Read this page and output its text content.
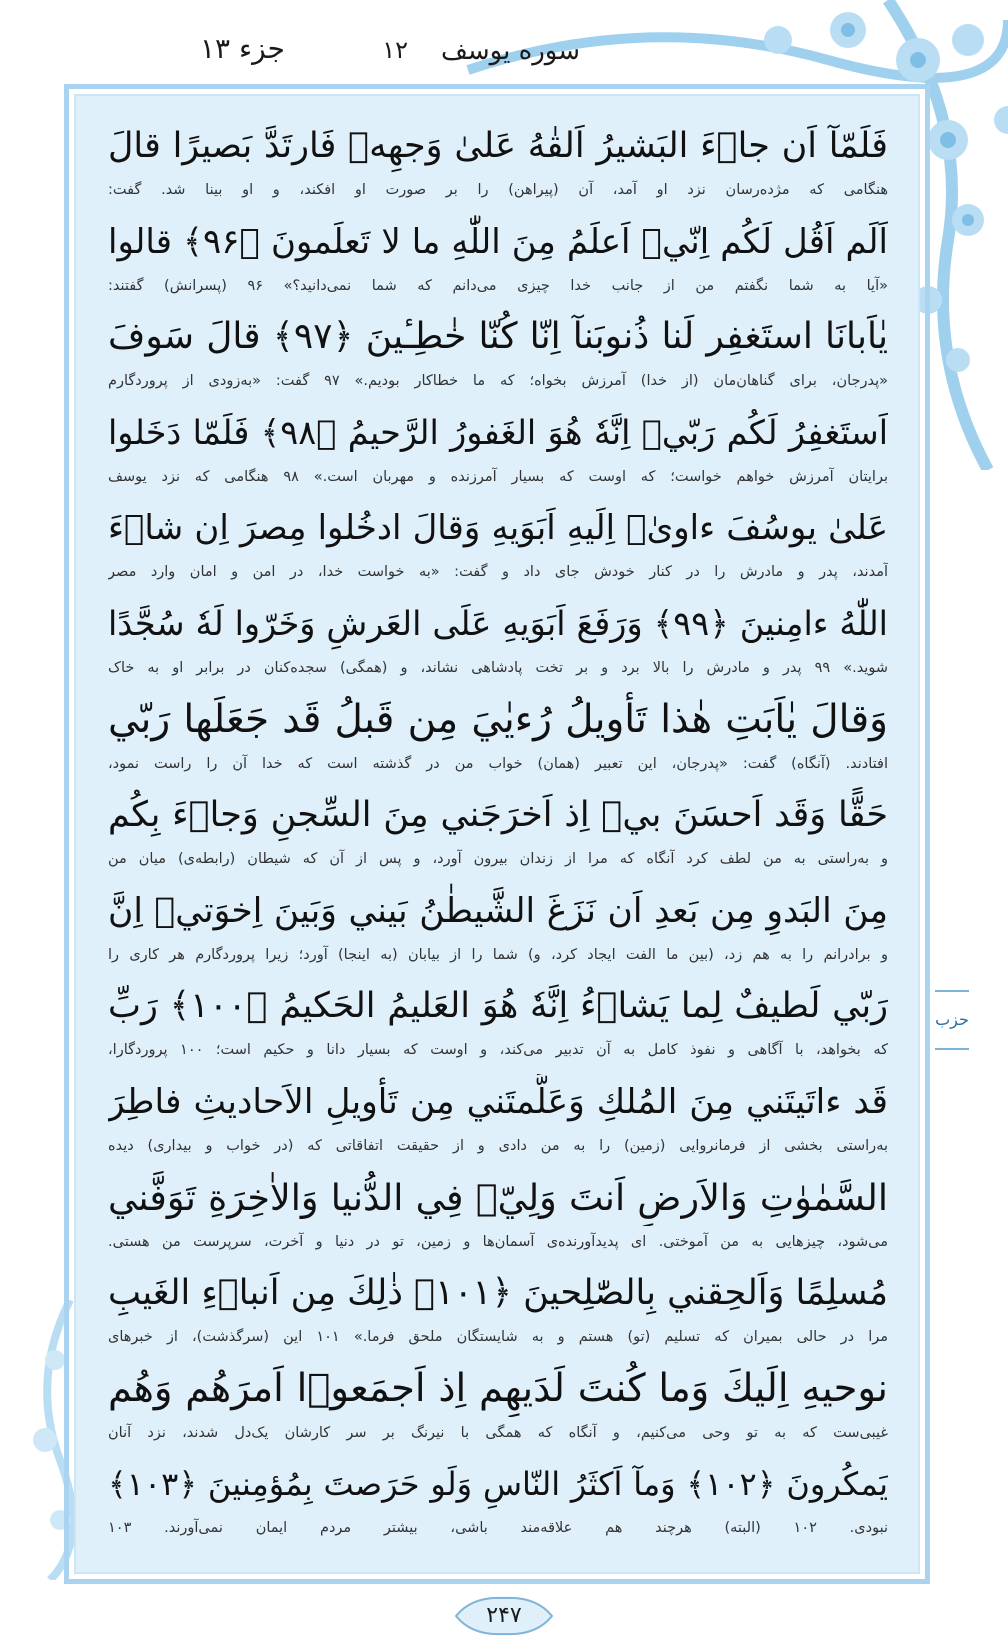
سوره یوسف
۱۲
جزء ۱۳
حزب
فَلَمّآ اَن جاۤءَ البَشيرُ اَلقٰهُ عَلىٰ وَجهِهٖ فَارتَدَّ بَصيرًا قالَ
هنگامی که مژده‌رسان نزد او آمد، آن (پیراهن) را بر صورت او افکند، و او بینا شد. گفت:
اَلَم اَقُل لَكُم اِنّيۤ اَعلَمُ مِنَ اللّٰهِ ما لا تَعلَمونَ ﴿۹۶﴾ قالوا
«آیا به شما نگفتم من از جانب خدا چیزی می‌دانم که شما نمی‌دانید؟» ۹۶ (پسرانش) گفتند:
يٰاَبانَا استَغفِر لَنا ذُنوبَنآ اِنّا كُنّا خٰطِـٔينَ ﴿۹۷﴾ قالَ سَوفَ
«پدرجان، برای گناهان‌مان (از خدا) آمرزش بخواه؛ که ما خطاکار بودیم.» ۹۷ گفت: «به‌زودی از پروردگارم
اَستَغفِرُ لَكُم رَبّيۤ اِنَّهٗ هُوَ الغَفورُ الرَّحيمُ ﴿۹۸﴾ فَلَمّا دَخَلوا
برایتان آمرزش خواهم خواست؛ که اوست که بسیار آمرزنده و مهربان است.» ۹۸ هنگامی که نزد یوسف
عَلىٰ يوسُفَ ءاوىٰۤ اِلَيهِ اَبَوَيهِ وَقالَ ادخُلوا مِصرَ اِن شاۤءَ
آمدند، پدر و مادرش را در کنار خودش جای داد و گفت: «به خواست خدا، در امن و امان وارد مصر
اللّٰهُ ءامِنينَ ﴿۹۹﴾ وَرَفَعَ اَبَوَيهِ عَلَى العَرشِ وَخَرّوا لَهٗ سُجَّدًا
شوید.» ۹۹ پدر و مادرش را بالا برد و بر تخت پادشاهی نشاند، و (همگی) سجده‌کنان در برابر او به خاک
وَقالَ يٰاَبَتِ هٰذا تَأويلُ رُءيٰيَ مِن قَبلُ قَد جَعَلَها رَبّي
افتادند. (آنگاه) گفت: «پدرجان، این تعبیر (همان) خواب من در گذشته است که خدا آن را راست نمود،
حَقًّا وَقَد اَحسَنَ بيۤ اِذ اَخرَجَني مِنَ السِّجنِ وَجاۤءَ بِكُم
و به‌راستی به من لطف کرد آنگاه که مرا از زندان بیرون آورد، و پس از آن که شیطان (رابطه‌ی) میان من
مِنَ البَدوِ مِن بَعدِ اَن نَزَغَ الشَّيطٰنُ بَيني وَبَينَ اِخوَتيۤ اِنَّ
و برادرانم را به هم زد، (بین ما الفت ایجاد کرد، و) شما را از بیابان (به اینجا) آورد؛ زیرا پروردگارم هر کاری را
رَبّي لَطيفٌ لِما يَشاۤءُ اِنَّهٗ هُوَ العَليمُ الحَكيمُ ﴿۱۰۰﴾ رَبِّ
که بخواهد، با آگاهی و نفوذ کامل به آن تدبیر می‌کند، و اوست که بسیار دانا و حکیم است؛ ۱۰۰ پروردگارا،
قَد ءاتَيتَني مِنَ المُلكِ وَعَلَّمتَني مِن تَأويلِ الاَحاديثِ فاطِرَ
به‌راستی بخشی از فرمانروایی (زمین) را به من دادی و از حقیقت اتفاقاتی که (در خواب و بیداری) دیده
السَّمٰوٰتِ وَالاَرضِ اَنتَ وَلِيّٖ فِي الدُّنيا وَالاٰخِرَةِ تَوَفَّني
می‌شود، چیزهایی به من آموختی. ای پدیدآورنده‌ی آسمان‌ها و زمین، تو در دنیا و آخرت، سرپرست من هستی.
مُسلِمًا وَاَلحِقني بِالصّٰلِحينَ ﴿۱۰۱﴾ ذٰلِكَ مِن اَنباۤءِ الغَيبِ
مرا در حالی بمیران که تسلیم (تو) هستم و به شایستگان ملحق فرما.» ۱۰۱ این (سرگذشت)، از خبرهای
نوحيهِ اِلَيكَ وَما كُنتَ لَدَيهِم اِذ اَجمَعوۤا اَمرَهُم وَهُم
غیبی‌ست که به تو وحی می‌کنیم، و آنگاه که همگی با نیرنگ بر سر کارشان یک‌دل شدند، نزد آنان
يَمكُرونَ ﴿۱۰۲﴾ وَمآ اَكثَرُ النّاسِ وَلَو حَرَصتَ بِمُؤمِنينَ ﴿۱۰۳﴾
نبودی. ۱۰۲ (البته) هرچند هم علاقه‌مند باشی، بیشتر مردم ایمان نمی‌آورند. ۱۰۳
۲۴۷
